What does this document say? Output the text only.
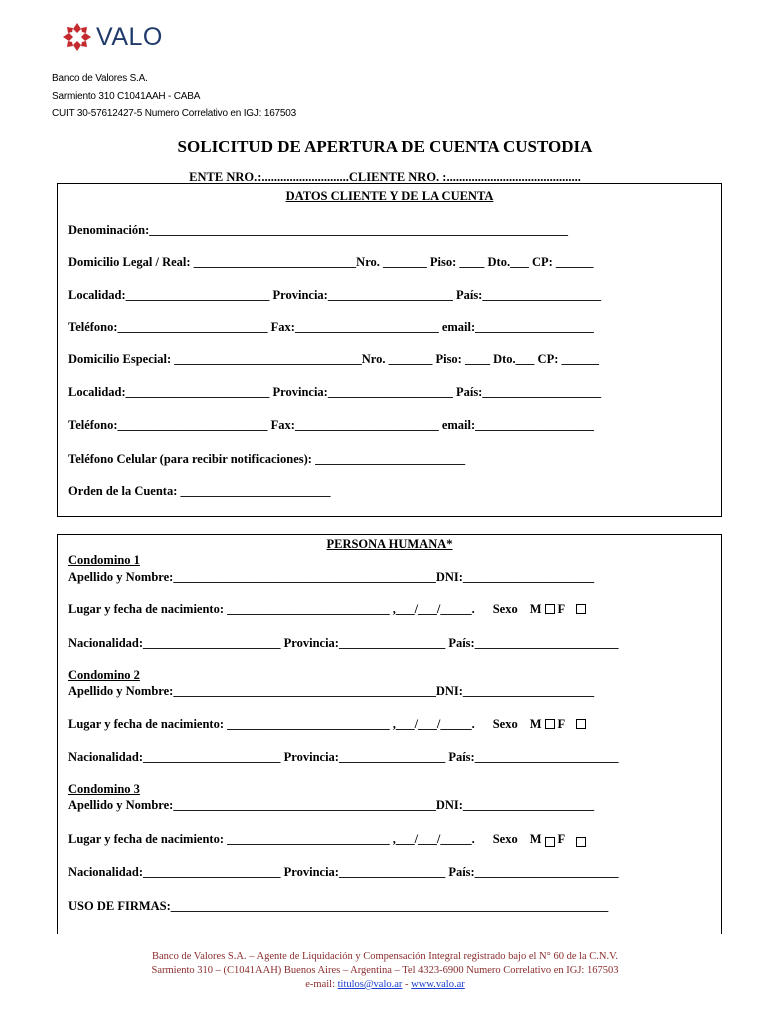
VALO
Banco de Valores S.A.
Sarmiento 310 C1041AAH - CABA
CUIT 30-57612427-5 Numero Correlativo en IGJ: 167503
SOLICITUD DE APERTURA DE CUENTA CUSTODIA
ENTE NRO.:............................CLIENTE NRO. :...........................................
DATOS CLIENTE Y DE LA CUENTA
Denominación:___________________________________________________________________
Domicilio Legal / Real: __________________________Nro. _______ Piso: ____ Dto.___ CP: ______
Localidad:_______________________ Provincia:____________________ País:___________________
Teléfono:________________________ Fax:_______________________ email:___________________
Domicilio Especial: ______________________________Nro. _______ Piso: ____ Dto.___ CP: ______
Localidad:_______________________ Provincia:____________________ País:___________________
Teléfono:________________________ Fax:_______________________ email:___________________
Teléfono Celular (para recibir notificaciones): ________________________
Orden de la Cuenta: ________________________
PERSONA HUMANA*
Condomino 1
Apellido y Nombre:__________________________________________DNI:_____________________
Lugar y fecha de nacimiento: __________________________ ,___/___/_____. Sexo M F
Nacionalidad:______________________ Provincia:_________________ País:_______________________
Condomino 2
Apellido y Nombre:__________________________________________DNI:_____________________
Lugar y fecha de nacimiento: __________________________ ,___/___/_____. Sexo M F
Nacionalidad:______________________ Provincia:_________________ País:_______________________
Condomino 3
Apellido y Nombre:__________________________________________DNI:_____________________
Lugar y fecha de nacimiento: __________________________ ,___/___/_____. Sexo M F
Nacionalidad:______________________ Provincia:_________________ País:_______________________
USO DE FIRMAS:______________________________________________________________________
Banco de Valores S.A. – Agente de Liquidación y Compensación Integral registrado bajo el N° 60 de la C.N.V.
Sarmiento 310 – (C1041AAH) Buenos Aires – Argentina – Tel 4323-6900 Numero Correlativo en IGJ: 167503
e-mail: titulos@valo.ar - www.valo.ar
